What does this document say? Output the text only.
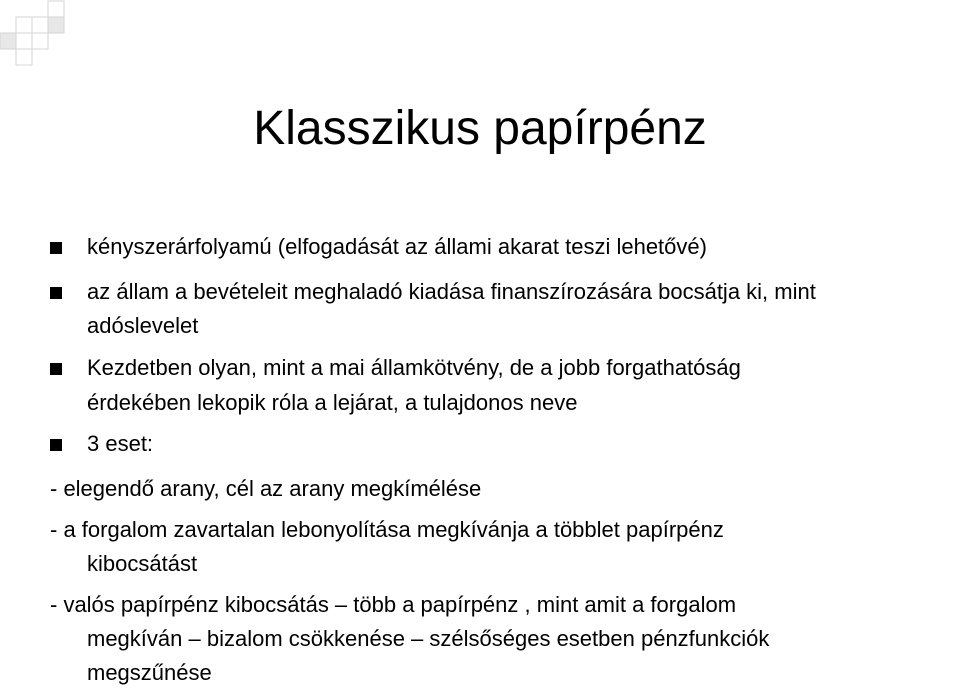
Klasszikus papírpénz
kényszerárfolyamú (elfogadását az állami akarat teszi lehetővé)
az állam a bevételeit meghaladó kiadása finanszírozására bocsátja ki, mint
adóslevelet
Kezdetben olyan, mint a mai államkötvény, de a jobb forgathatóság
érdekében lekopik róla a lejárat, a tulajdonos neve
3 eset:
- elegendő arany, cél az arany megkímélése
- a forgalom zavartalan lebonyolítása megkívánja a többlet papírpénz
kibocsátást
- valós papírpénz kibocsátás – több a papírpénz , mint amit a forgalom
megkíván – bizalom csökkenése – szélsőséges esetben pénzfunkciók
megszűnése
